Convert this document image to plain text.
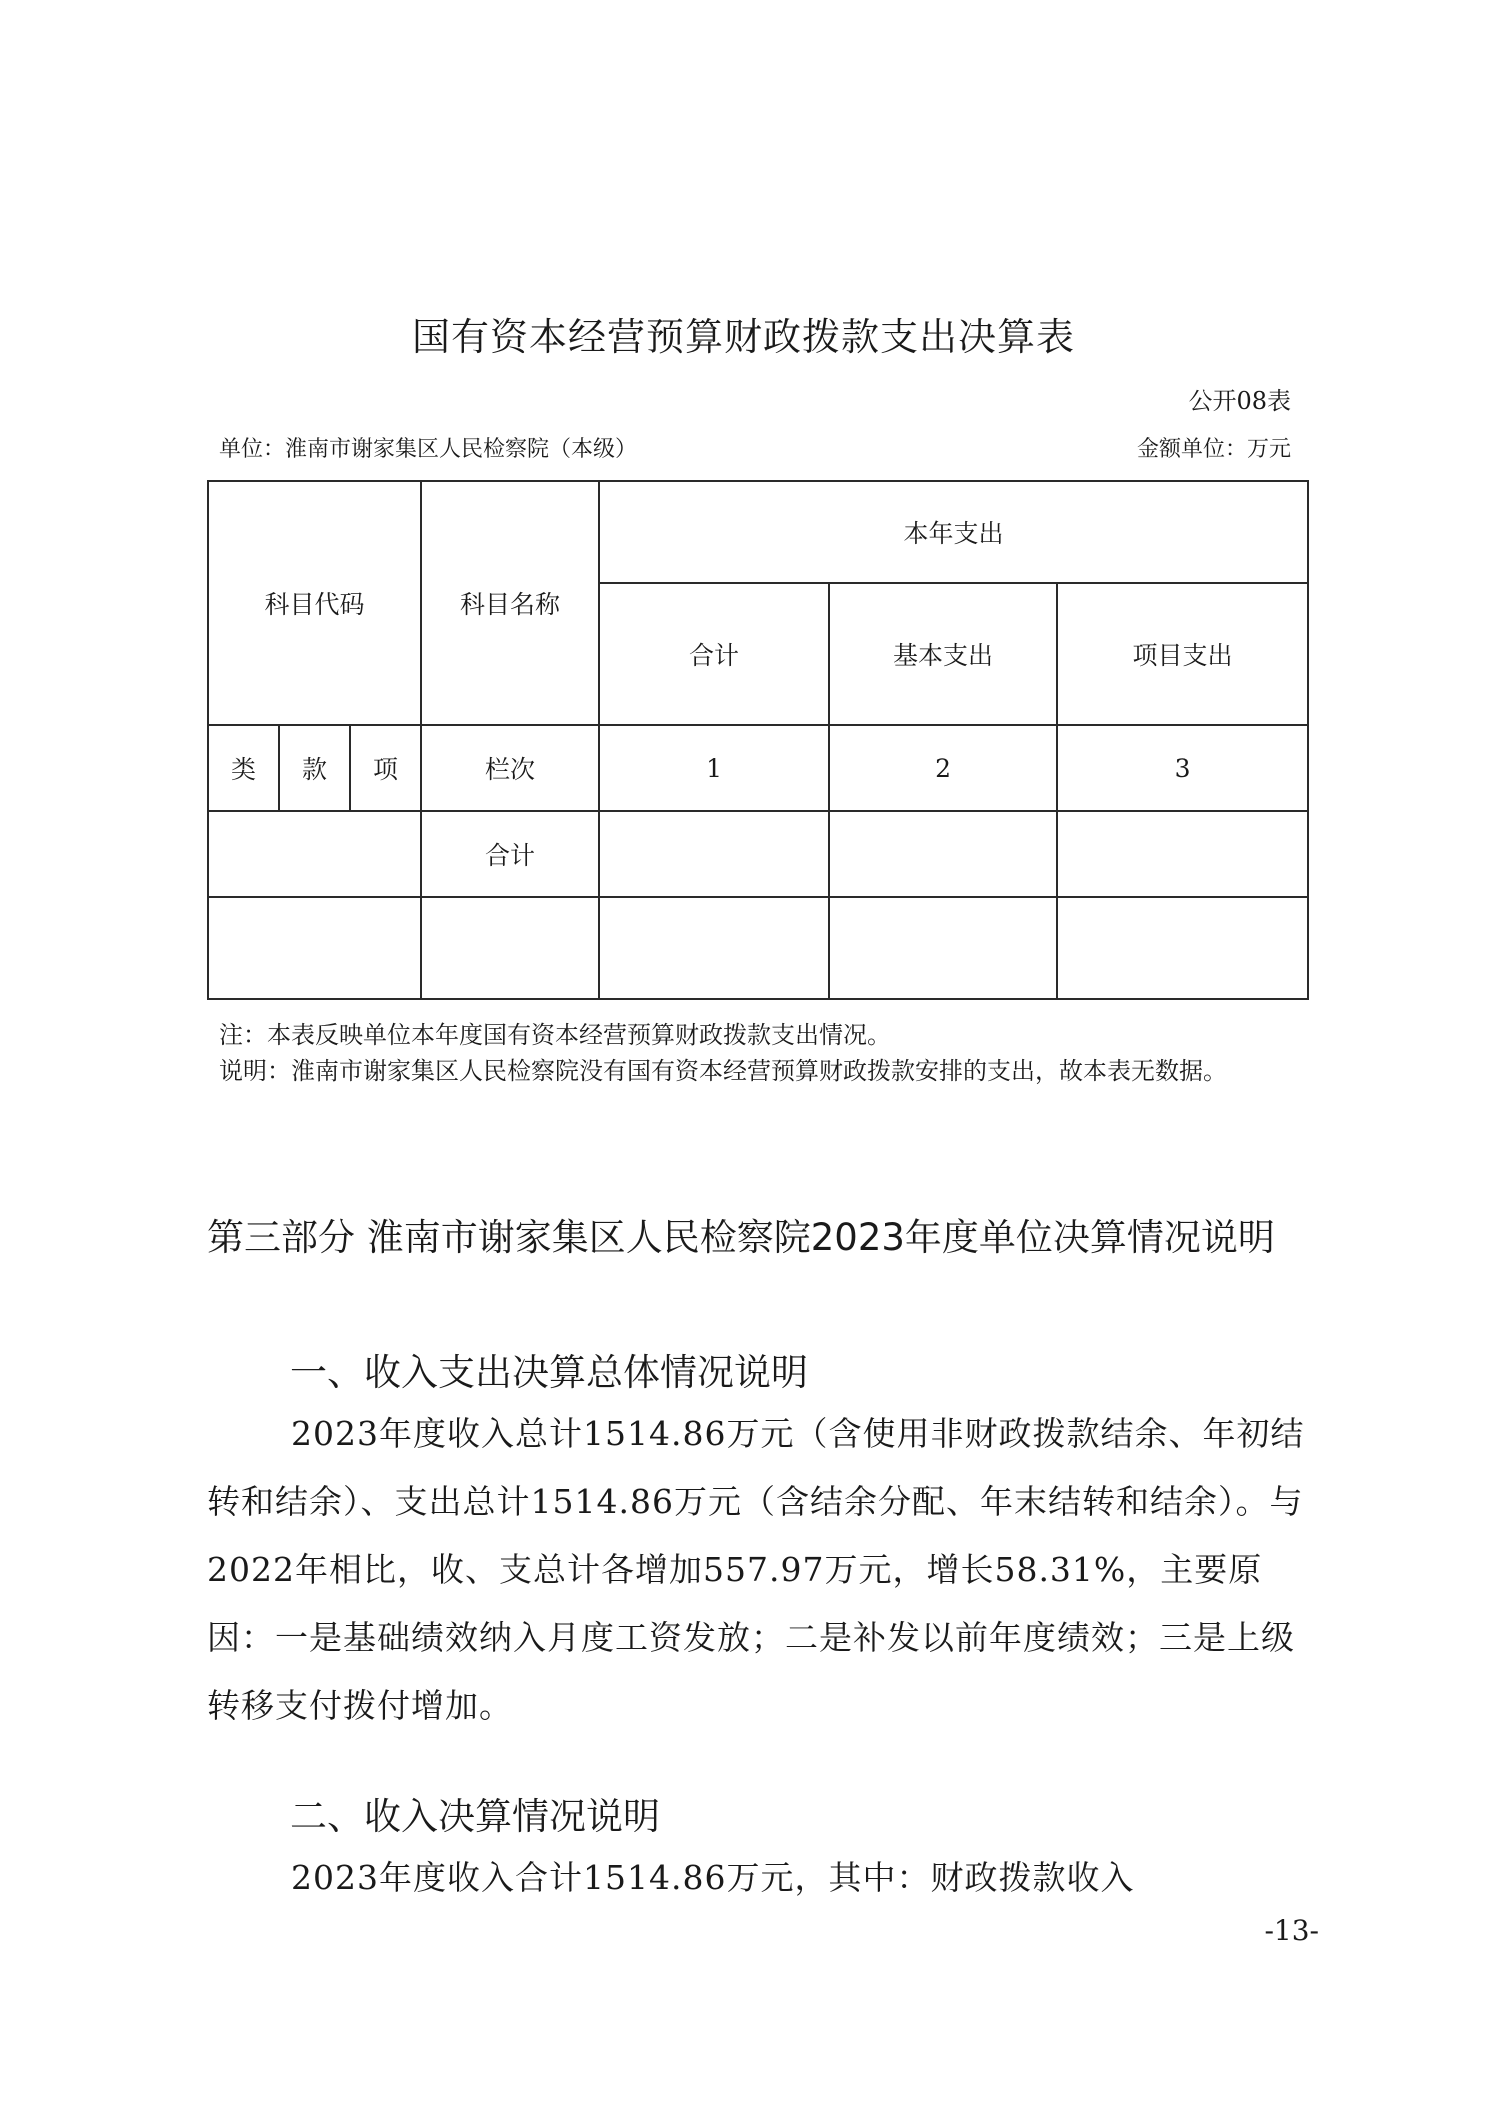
国有资本经营预算财政拨款支出决算表
公开08表
单位：淮南市谢家集区人民检察院（本级）	金额单位：万元
科目代码			科目名称	本年支出		
				合计	基本支出	项目支出
类	款	项	栏次	1	2	3
			合计			

注：本表反映单位本年度国有资本经营预算财政拨款支出情况。
说明：淮南市谢家集区人民检察院没有国有资本经营预算财政拨款安排的支出，故本表无数据。
第三部分 淮南市谢家集区人民检察院2023年度单位决算情况说明
一、收入支出决算总体情况说明
2023年度收入总计1514.86万元（含使用非财政拨款结余、年初结转和结余）、支出总计1514.86万元（含结余分配、年末结转和结余）。与2022年相比，收、支总计各增加557.97万元，增长58.31%，主要原因：一是基础绩效纳入月度工资发放；二是补发以前年度绩效；三是上级转移支付拨付增加。
二、收入决算情况说明
2023年度收入合计1514.86万元，其中：财政拨款收入
-13-
